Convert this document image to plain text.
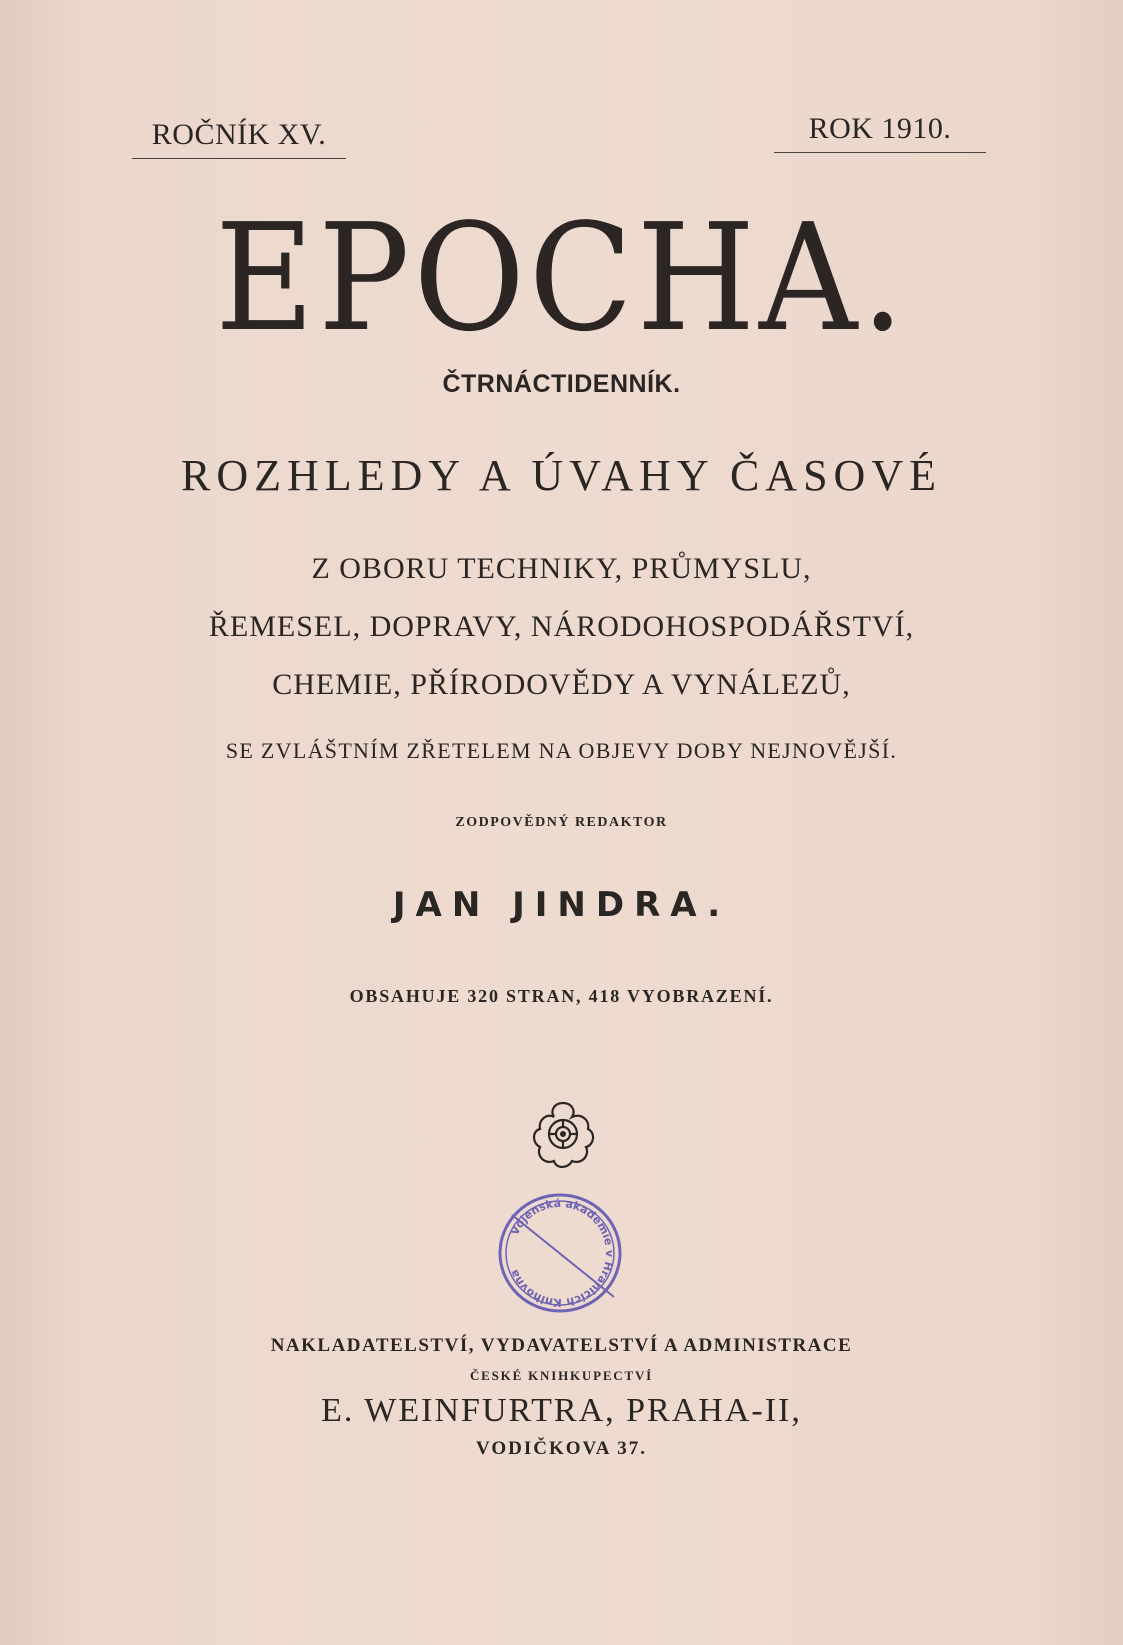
ROČNÍK XV.	ROK 1910.
EPOCHA.
ČTRNÁCTIDENNÍK.
ROZHLEDY A ÚVAHY ČASOVÉ
Z OBORU TECHNIKY, PRŮMYSLU,
ŘEMESEL, DOPRAVY, NÁRODOHOSPODÁŘSTVÍ,
CHEMIE, PŘÍRODOVĚDY A VYNÁLEZŮ,
SE ZVLÁŠTNÍM ZŘETELEM NA OBJEVY DOBY NEJNOVĚJŠÍ.
ZODPOVĚDNÝ REDAKTOR
JAN JINDRA.
OBSAHUJE 320 STRAN, 418 VYOBRAZENÍ.
Vojenská akademie v Hranicích Knihovna
NAKLADATELSTVÍ, VYDAVATELSTVÍ A ADMINISTRACE
ČESKÉ KNIHKUPECTVÍ
E. WEINFURTRA, PRAHA-II,
VODIČKOVA 37.
